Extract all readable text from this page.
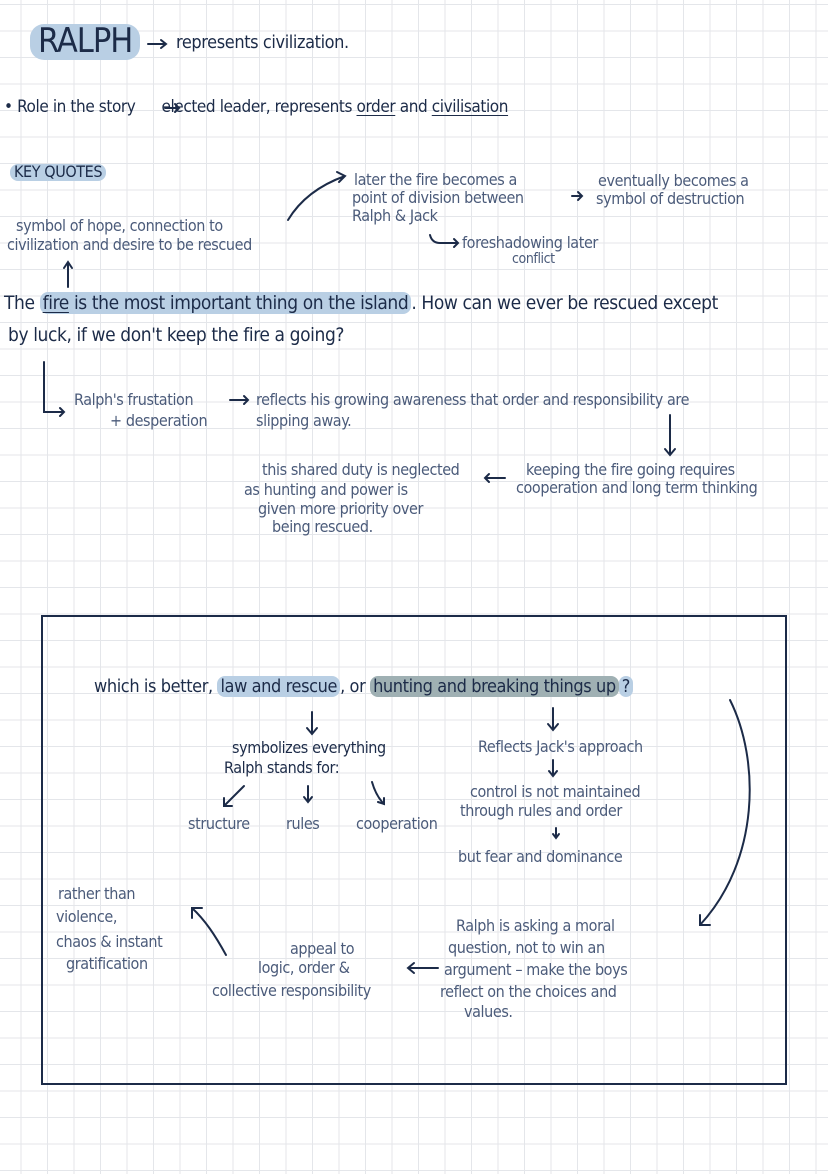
RALPH	represents civilization.
• Role in the story elected leader, represents order and civilisation
KEY QUOTES
symbol of hope, connection to
civilization and desire to be rescued
later the fire becomes a
point of division between
Ralph & Jack
eventually becomes a
symbol of destruction
foreshadowing later
conflict
The fire is the most important thing on the island . How can we ever be rescued except
by luck, if we don't keep the fire a going?
Ralph's frustation
+ desperation
reflects his growing awareness that order and responsibility are
slipping away.
keeping the fire going requires
cooperation and long term thinking
this shared duty is neglected
as hunting and power is
given more priority over
being rescued.
which is better, law and rescue , or hunting and breaking things up ?
symbolizes everything
Ralph stands for:
structure rules cooperation
Reflects Jack's approach
control is not maintained
through rules and order
but fear and dominance
Ralph is asking a moral
question, not to win an
argument – make the boys
reflect on the choices and
values.
appeal to
logic, order &
collective responsibility
rather than
violence,
chaos & instant
gratification
